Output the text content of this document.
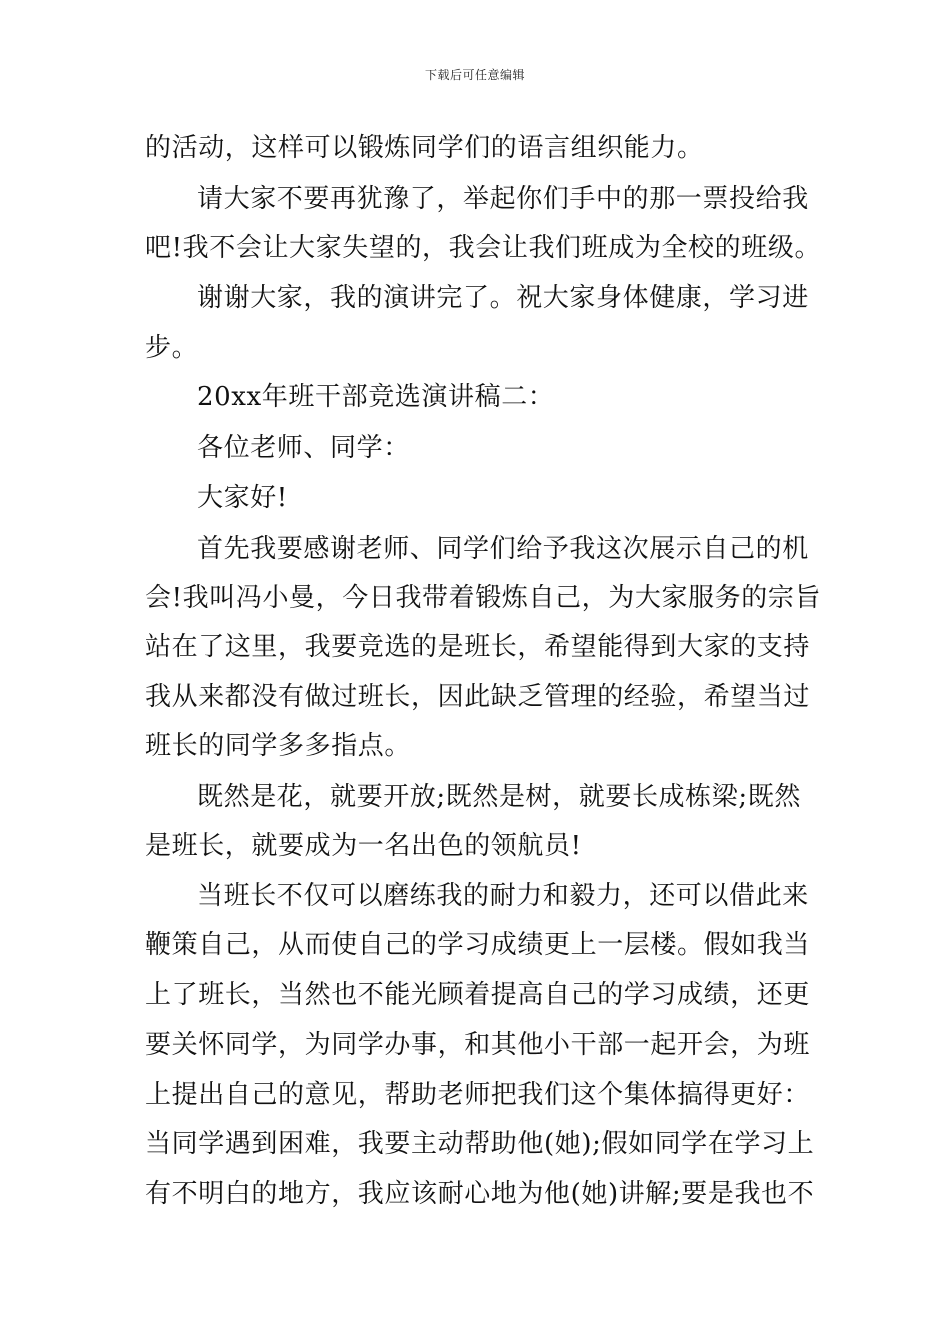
下载后可任意编辑
的活动，这样可以锻炼同学们的语言组织能力。
请大家不要再犹豫了，举起你们手中的那一票投给我
吧!我不会让大家失望的，我会让我们班成为全校的班级。
谢谢大家，我的演讲完了。祝大家身体健康，学习进
步。
20xx年班干部竞选演讲稿二：
各位老师、同学：
大家好!
首先我要感谢老师、同学们给予我这次展示自己的机
会!我叫冯小曼，今日我带着锻炼自己，为大家服务的宗旨
站在了这里，我要竞选的是班长，希望能得到大家的支持
我从来都没有做过班长，因此缺乏管理的经验，希望当过
班长的同学多多指点。
既然是花，就要开放;既然是树，就要长成栋梁;既然
是班长，就要成为一名出色的领航员!
当班长不仅可以磨练我的耐力和毅力，还可以借此来
鞭策自己，从而使自己的学习成绩更上一层楼。假如我当
上了班长，当然也不能光顾着提高自己的学习成绩，还更
要关怀同学，为同学办事，和其他小干部一起开会，为班
上提出自己的意见，帮助老师把我们这个集体搞得更好：
当同学遇到困难，我要主动帮助他(她);假如同学在学习上
有不明白的地方，我应该耐心地为他(她)讲解;要是我也不
